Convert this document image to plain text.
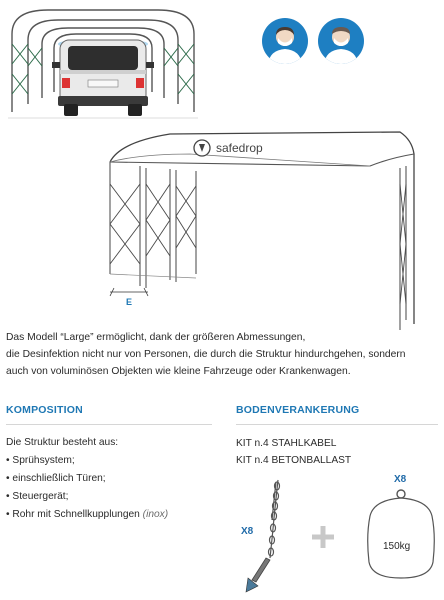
E
safedrop

Das Modell “Large” ermöglicht, dank der größeren Abmessungen,

die Desinfektion nicht nur von Personen, die durch die Struktur hindurchgehen, sondern

auch von voluminösen Objekten wie kleine Fahrzeuge oder Krankenwagen.

KOMPOSITION
Die Struktur besteht aus:
• Sprühsystem;
• einschließlich Türen;
• Steuergerät;
• Rohr mit Schnellkupplungen (inox)
BODENVERANKERUNG
KIT n.4 STAHLKABEL
KIT n.4 BETONBALLAST
X8
X8
150kg
